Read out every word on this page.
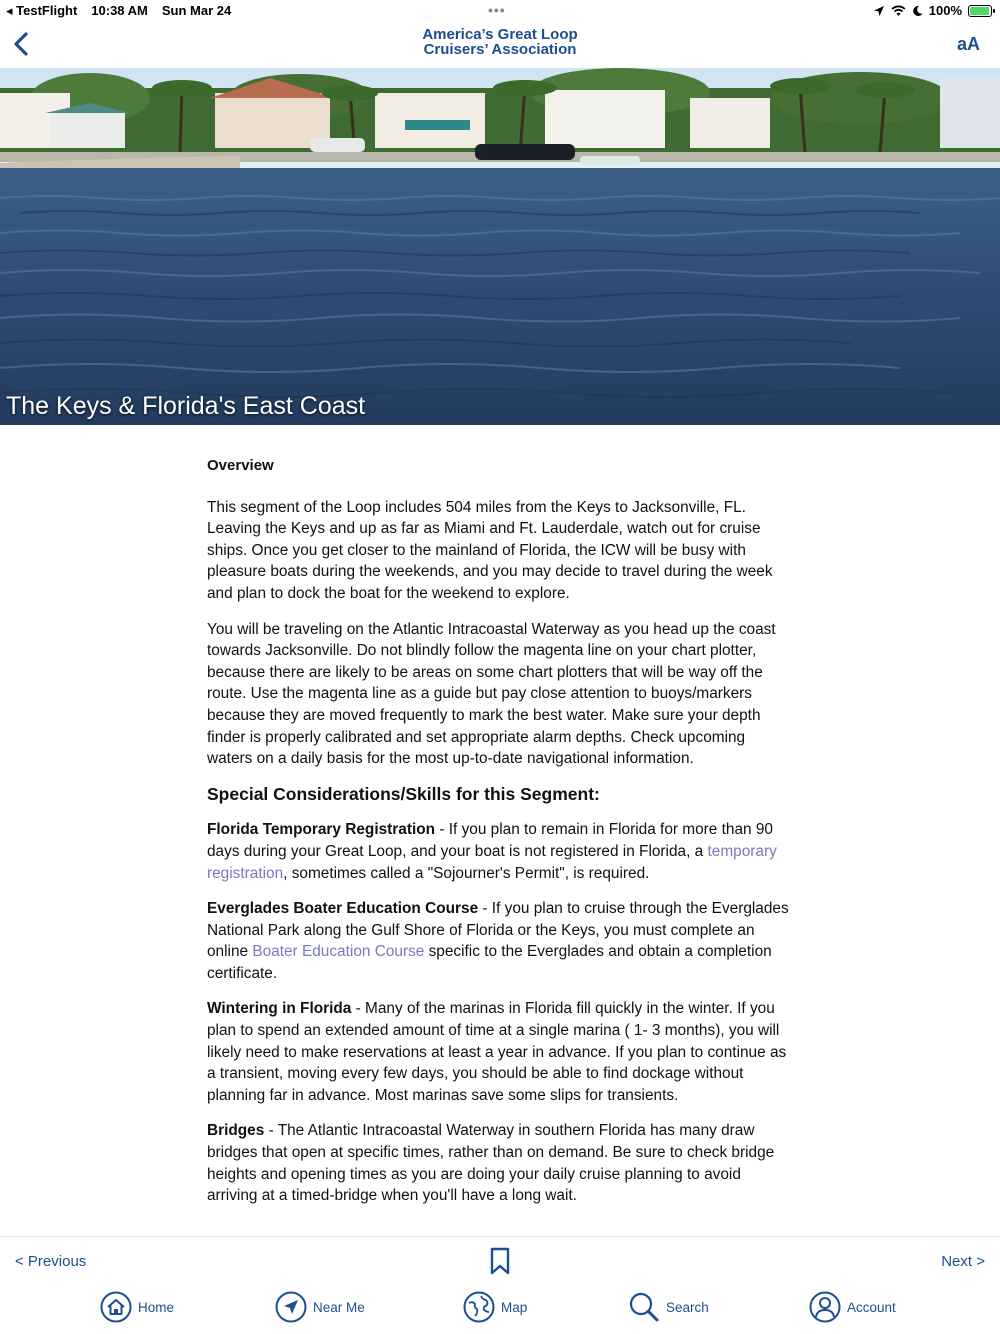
◂ TestFlight 10:38 AM Sun Mar 24	•••	100%
America’s Great Loop
Cruisers’ Association	aA
The Keys & Florida's East Coast
Overview

This segment of the Loop includes 504 miles from the Keys to Jacksonville, FL. Leaving the Keys and up as far as Miami and Ft. Lauderdale, watch out for cruise ships. Once you get closer to the mainland of Florida, the ICW will be busy with pleasure boats during the weekends, and you may decide to travel during the week and plan to dock the boat for the weekend to explore.

You will be traveling on the Atlantic Intracoastal Waterway as you head up the coast towards Jacksonville. Do not blindly follow the magenta line on your chart plotter, because there are likely to be areas on some chart plotters that will be way off the route. Use the magenta line as a guide but pay close attention to buoys/markers because they are moved frequently to mark the best water. Make sure your depth finder is properly calibrated and set appropriate alarm depths. Check upcoming waters on a daily basis for the most up-to-date navigational information.

Special Considerations/Skills for this Segment:

Florida Temporary Registration - If you plan to remain in Florida for more than 90 days during your Great Loop, and your boat is not registered in Florida, a temporary registration, sometimes called a "Sojourner's Permit", is required.

Everglades Boater Education Course - If you plan to cruise through the Everglades National Park along the Gulf Shore of Florida or the Keys, you must complete an online Boater Education Course specific to the Everglades and obtain a completion certificate.

Wintering in Florida - Many of the marinas in Florida fill quickly in the winter. If you plan to spend an extended amount of time at a single marina ( 1- 3 months), you will likely need to make reservations at least a year in advance. If you plan to continue as a transient, moving every few days, you should be able to find dockage without planning far in advance. Most marinas save some slips for transients.

Bridges - The Atlantic Intracoastal Waterway in southern Florida has many draw bridges that open at specific times, rather than on demand. Be sure to check bridge heights and opening times as you are doing your daily cruise planning to avoid arriving at a timed-bridge when you'll have a long wait.

< Previous	Next >
Home	Near Me	Map	Search	Account
